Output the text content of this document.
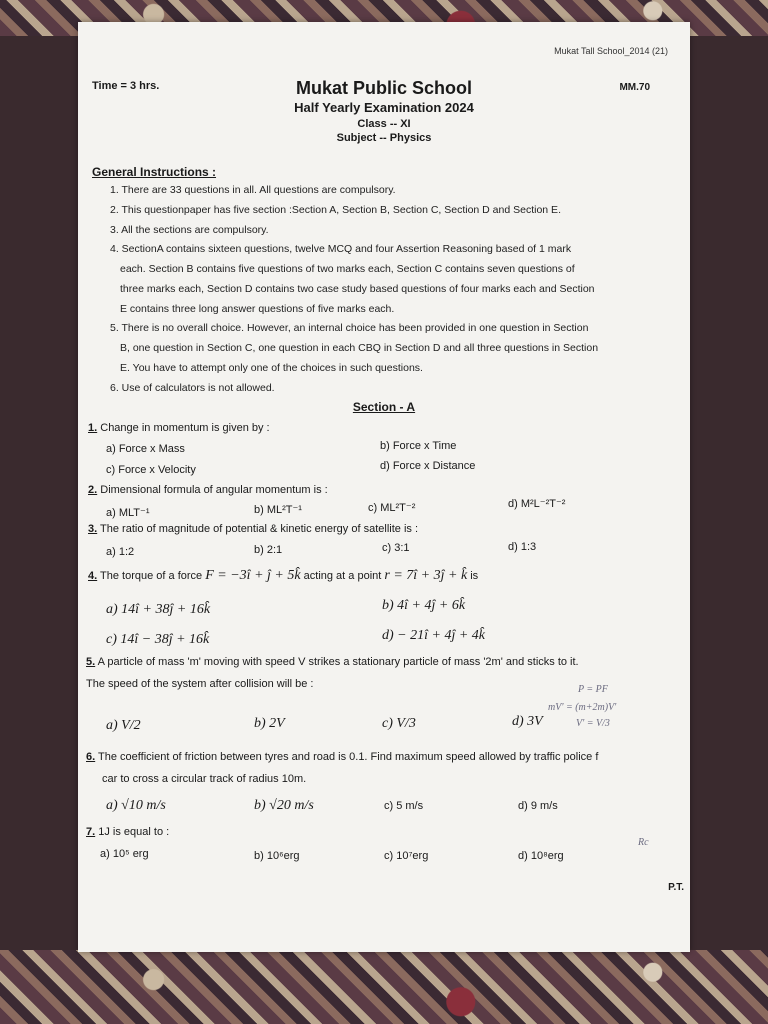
Mukat Tall School_2014 (21)
Time = 3 hrs.	MM.70
Mukat Public School
Half Yearly Examination 2024
Class -- XI
Subject -- Physics
General Instructions :
1. There are 33 questions in all. All questions are compulsory.
2. This questionpaper has five section :Section A, Section B, Section C, Section D and Section E.
3. All the sections are compulsory.
4. SectionA contains sixteen questions, twelve MCQ and four Assertion Reasoning based of 1 mark
each. Section B contains five questions of two marks each, Section C contains seven questions of
three marks each, Section D contains two case study based questions of four marks each and Section
E contains three long answer questions of five marks each.
5. There is no overall choice. However, an internal choice has been provided in one question in Section
B, one question in Section C, one question in each CBQ in Section D and all three questions in Section
E. You have to attempt only one of the choices in such questions.
6. Use of calculators is not allowed.
Section - A
1. Change in momentum is given by :
a) Force x Mass	b) Force x Time
c) Force x Velocity	d) Force x Distance
2. Dimensional formula of angular momentum is :
a) MLT⁻¹	b) ML²T⁻¹	c) ML²T⁻²	d) M²L⁻²T⁻²
3. The ratio of magnitude of potential & kinetic energy of satellite is :
a) 1:2	b) 2:1	c) 3:1	d) 1:3
4. The torque of a force F = −3î + ĵ + 5k̂ acting at a point r = 7î + 3ĵ + k̂ is
a) 14î + 38ĵ + 16k̂	b) 4î + 4ĵ + 6k̂
c) 14î − 38ĵ + 16k̂	d) − 21î + 4ĵ + 4k̂
5. A particle of mass 'm' moving with speed V strikes a stationary particle of mass '2m' and sticks to it.
The speed of the system after collision will be :
a) V/2	b) 2V	c) V/3	d) 3V
6. The coefficient of friction between tyres and road is 0.1. Find maximum speed allowed by traffic police f
car to cross a circular track of radius 10m.
a) √10 m/s	b) √20 m/s	c) 5 m/s	d) 9 m/s
7. 1J is equal to :
a) 10⁵ erg	b) 10⁶erg	c) 10⁷erg	d) 10⁸erg
P = PF
mV' = (m+2m)V'
V' = V/3
Rc
P.T.
